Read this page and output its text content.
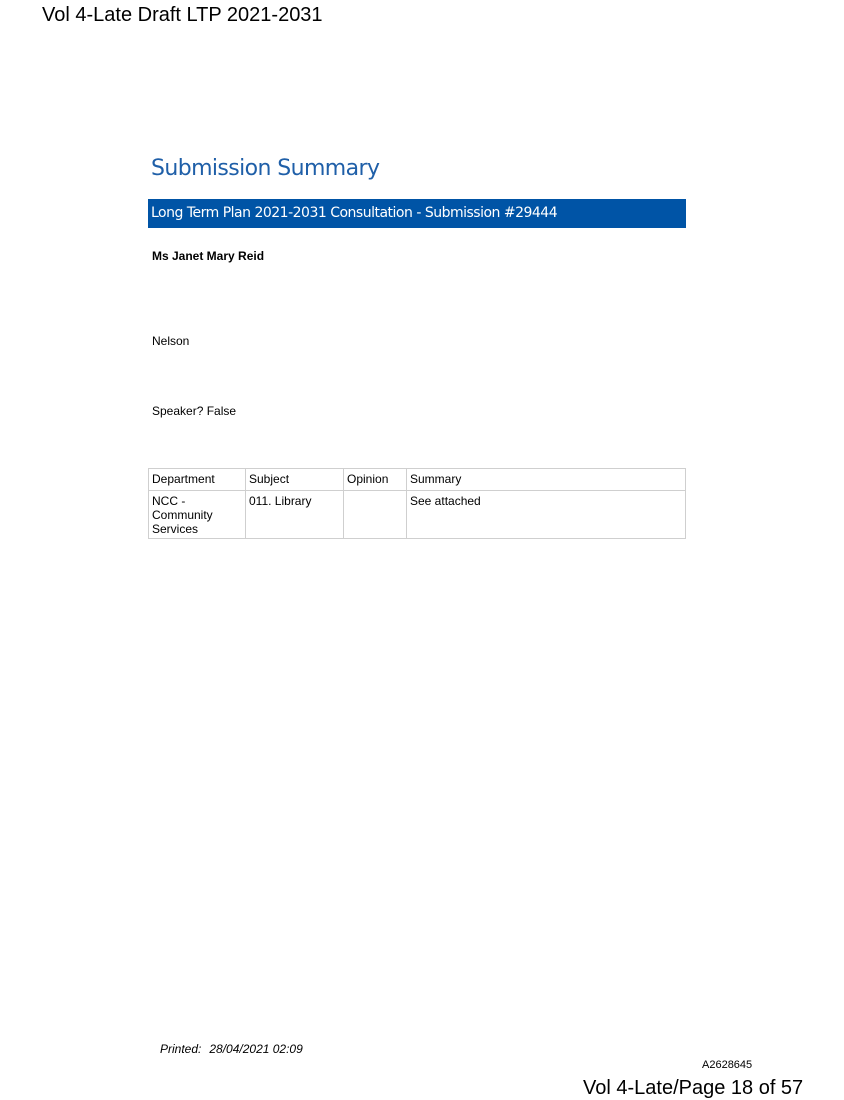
Vol 4-Late Draft LTP 2021-2031
Submission Summary
Long Term Plan 2021-2031 Consultation - Submission #29444
Ms Janet Mary Reid
Nelson
Speaker? False
Department	Subject	Opinion	Summary
NCC - Community Services	011. Library		See attached
Printed: 28/04/2021 02:09
A2628645
Vol 4-Late/Page 18 of 57
